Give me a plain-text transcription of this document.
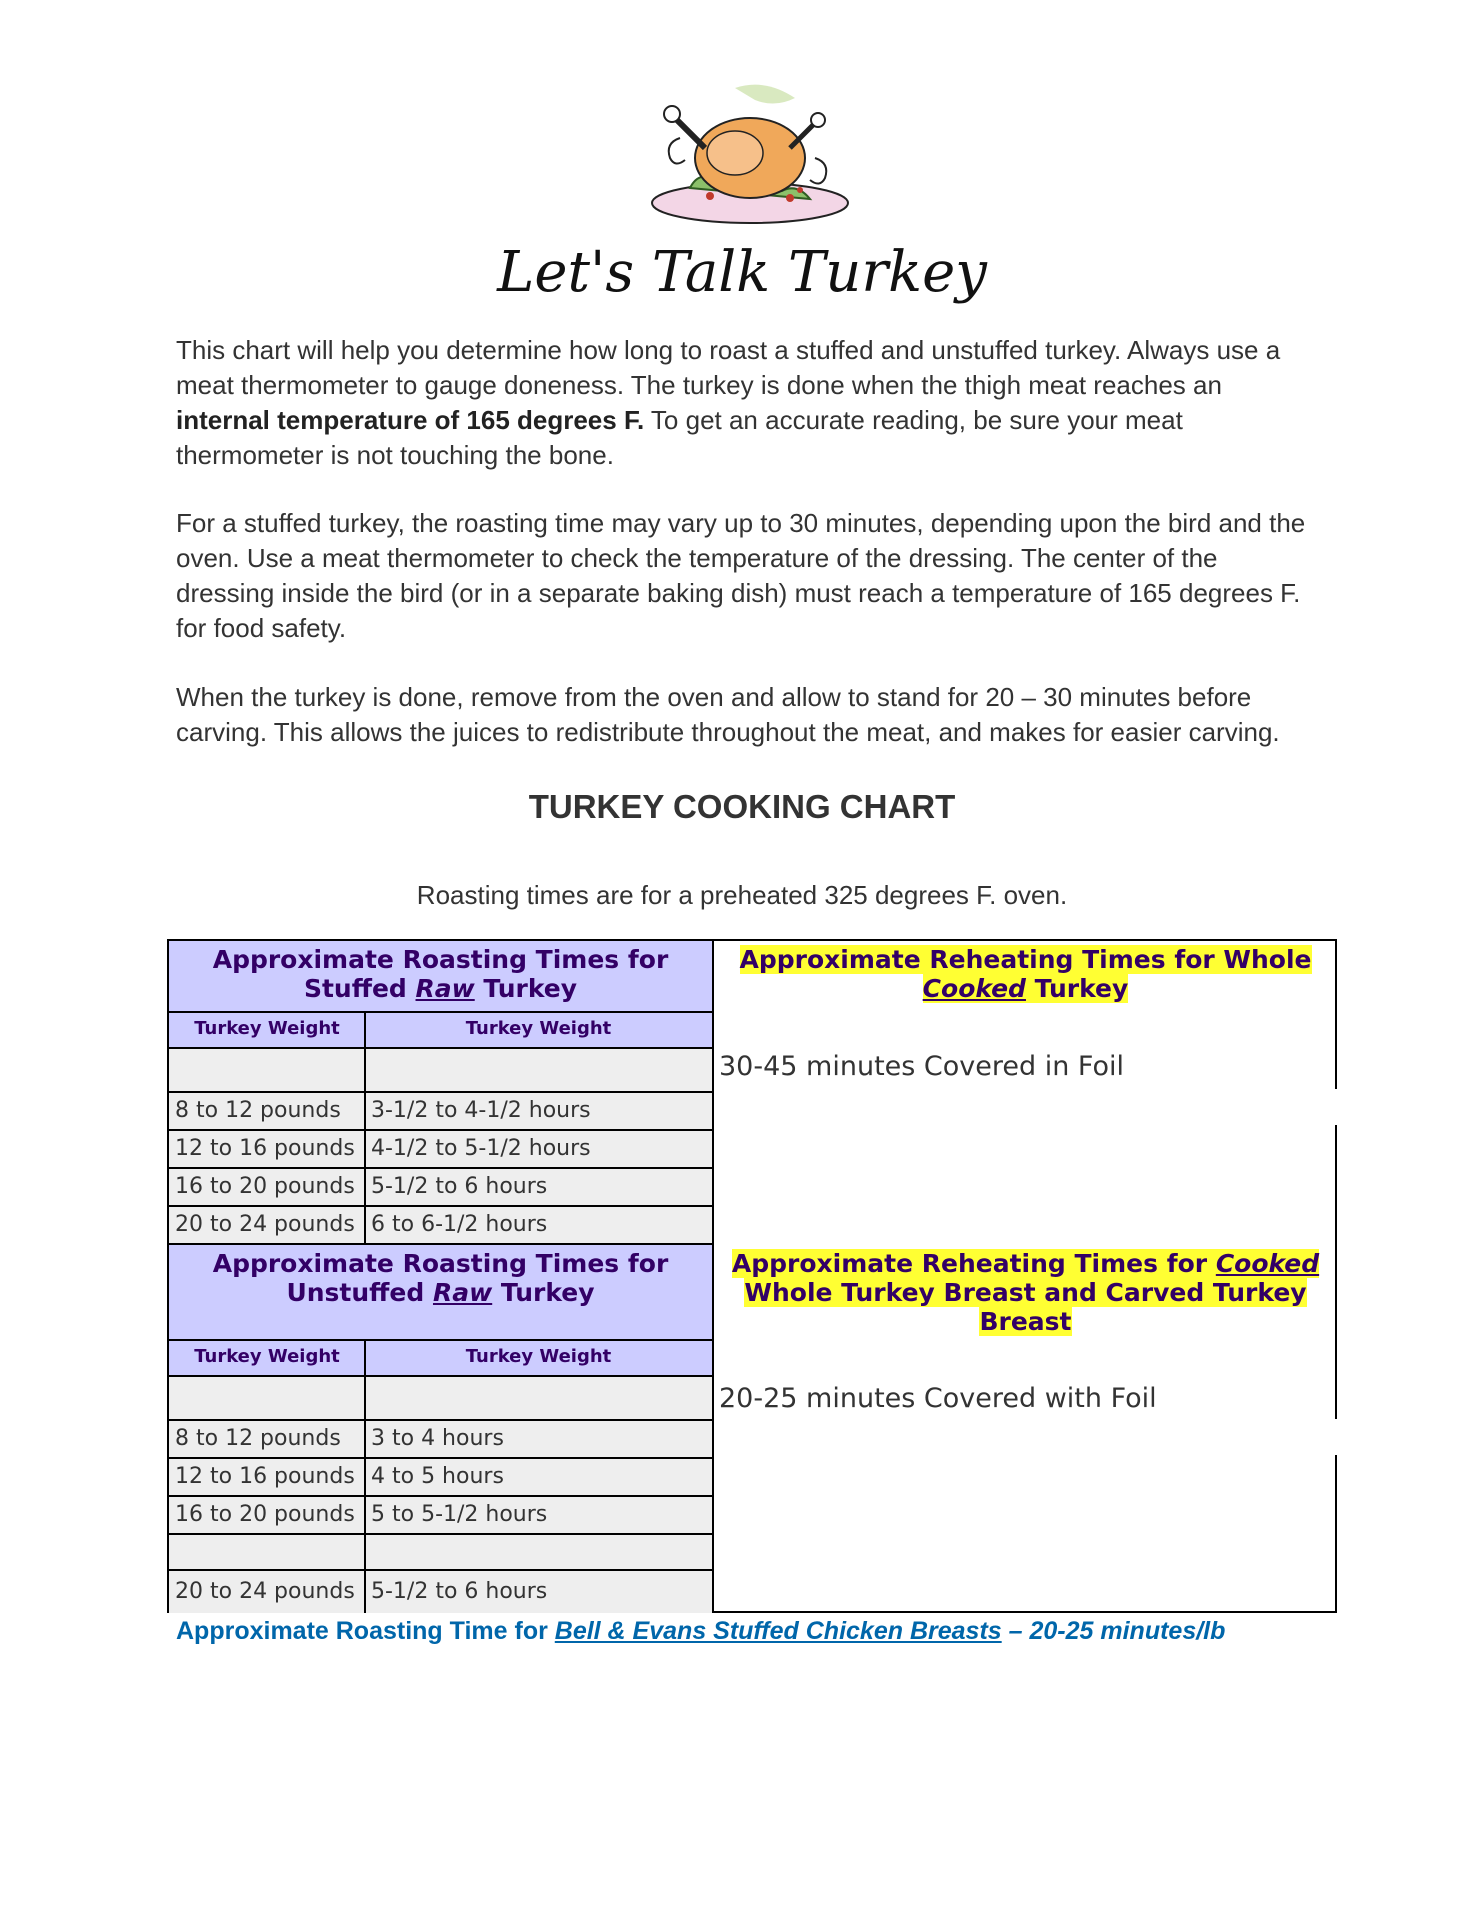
Let's Talk Turkey
This chart will help you determine how long to roast a stuffed and unstuffed turkey. Always use a meat thermometer to gauge doneness. The turkey is done when the thigh meat reaches an internal temperature of 165 degrees F. To get an accurate reading, be sure your meat thermometer is not touching the bone.
For a stuffed turkey, the roasting time may vary up to 30 minutes, depending upon the bird and the oven. Use a meat thermometer to check the temperature of the dressing. The center of the dressing inside the bird (or in a separate baking dish) must reach a temperature of 165 degrees F. for food safety.
When the turkey is done, remove from the oven and allow to stand for 20 – 30 minutes before carving. This allows the juices to redistribute throughout the meat, and makes for easier carving.
TURKEY COOKING CHART
Roasting times are for a preheated 325 degrees F. oven.
Approximate Roasting Times for Stuffed Raw Turkey
Turkey Weight	Turkey Weight
8 to 12 pounds	3-1/2 to 4-1/2 hours
12 to 16 pounds 4-1/2 to 5-1/2 hours
16 to 20 pounds 5-1/2 to 6 hours
20 to 24 pounds 6 to 6-1/2 hours
Approximate Roasting Times for Unstuffed Raw Turkey
Turkey Weight	Turkey Weight
8 to 12 pounds	3 to 4 hours
12 to 16 pounds 4 to 5 hours
16 to 20 pounds 5 to 5-1/2 hours
20 to 24 pounds 5-1/2 to 6 hours
Approximate Reheating Times for Whole Cooked Turkey
30-45 minutes Covered in Foil
Approximate Reheating Times for Cooked Whole Turkey Breast and Carved Turkey Breast
20-25 minutes Covered with Foil
Approximate Roasting Time for Bell & Evans Stuffed Chicken Breasts – 20-25 minutes/lb
